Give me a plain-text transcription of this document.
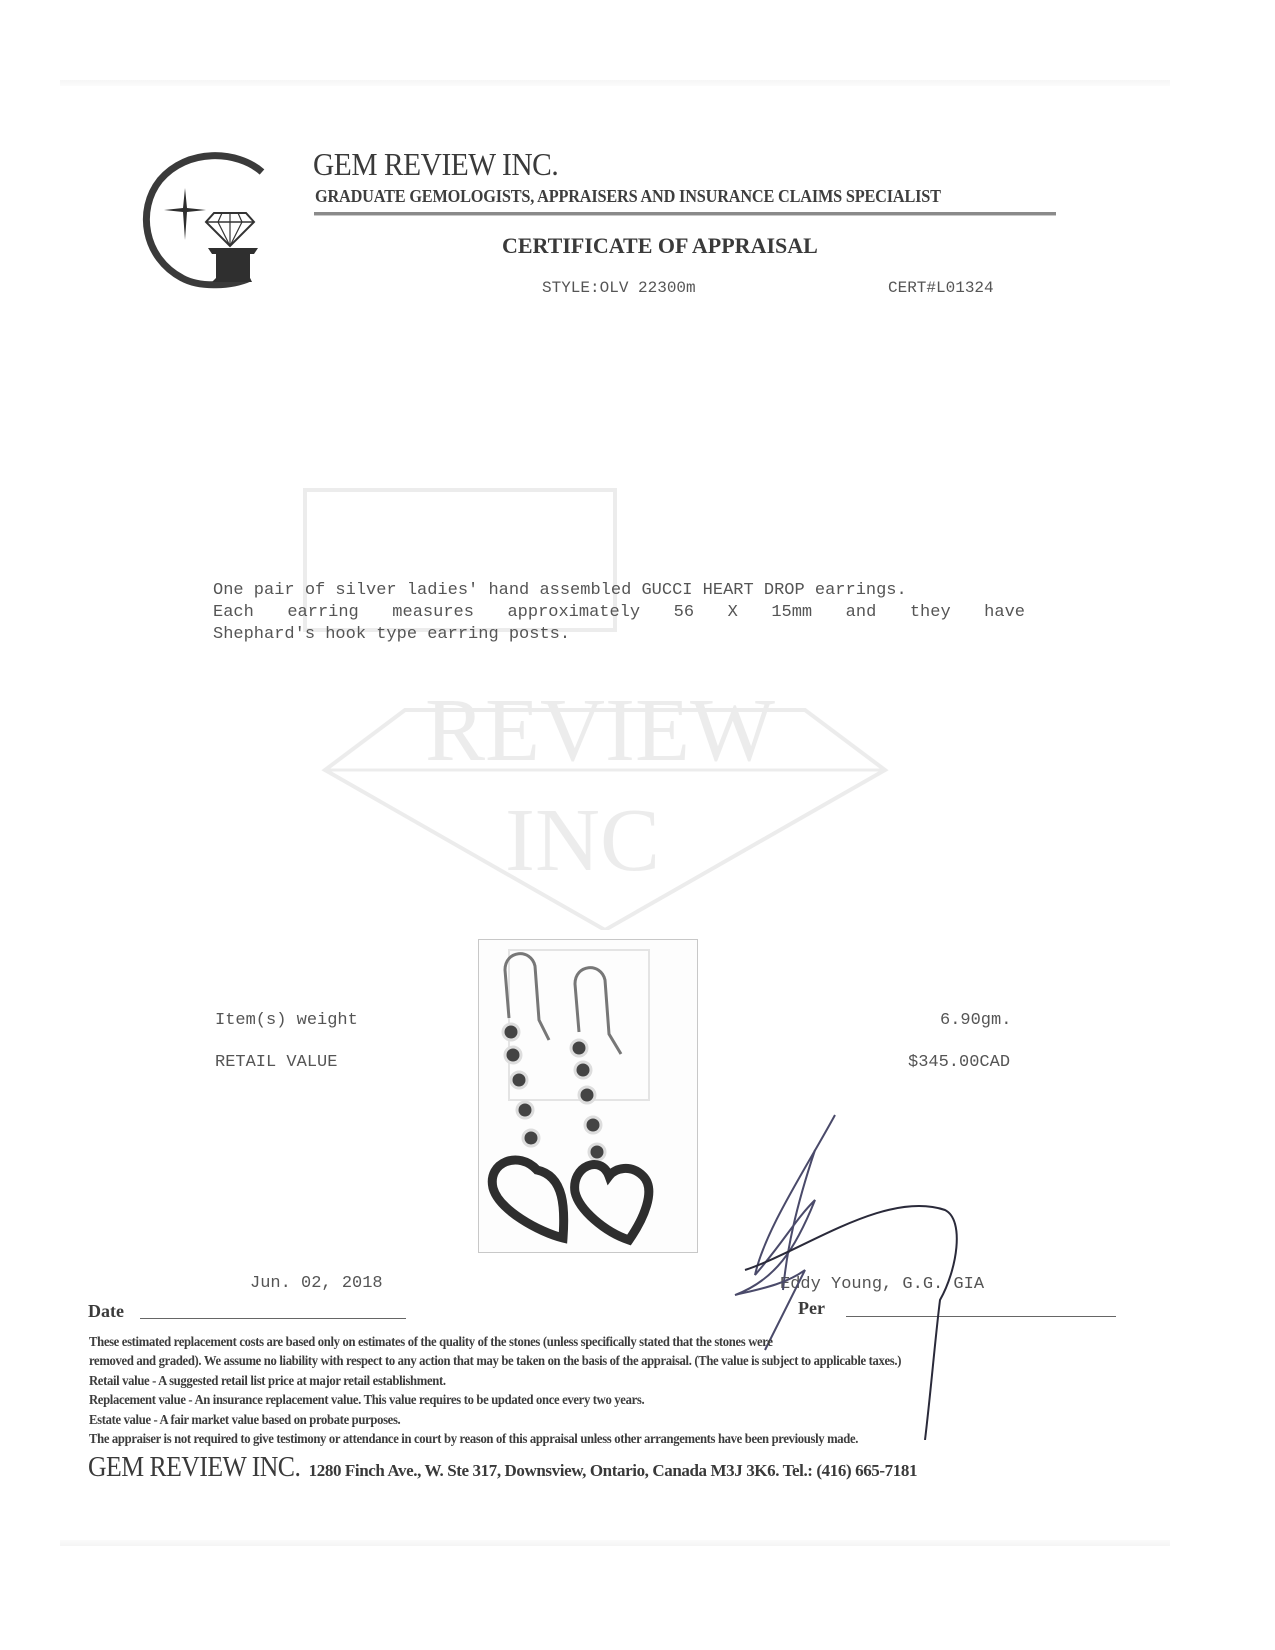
GEM REVIEW INC.
GRADUATE GEMOLOGISTS, APPRAISERS AND INSURANCE CLAIMS SPECIALIST
CERTIFICATE OF APPRAISAL
STYLE:OLV 22300m	CERT#L01324
REVIEW
INC

One pair of silver ladies' hand assembled GUCCI HEART DROP earrings.

Each earring measures approximately 56 X 15mm and they have

Shephard's hook type earring posts.

Item(s) weight	6.90gm.
RETAIL VALUE	$345.00CAD
Jun. 02, 2018
Date
Eddy Young, G.G. GIA
Per
These estimated replacement costs are based only on estimates of the quality of the stones (unless specifically stated that the stones were
removed and graded). We assume no liability with respect to any action that may be taken on the basis of the appraisal. (The value is subject to applicable taxes.)
Retail value - A suggested retail list price at major retail establishment.
Replacement value - An insurance replacement value. This value requires to be updated once every two years.
Estate value - A fair market value based on probate purposes.
The appraiser is not required to give testimony or attendance in court by reason of this appraisal unless other arrangements have been previously made.
GEM REVIEW INC. 1280 Finch Ave., W. Ste 317, Downsview, Ontario, Canada M3J 3K6. Tel.: (416) 665-7181
